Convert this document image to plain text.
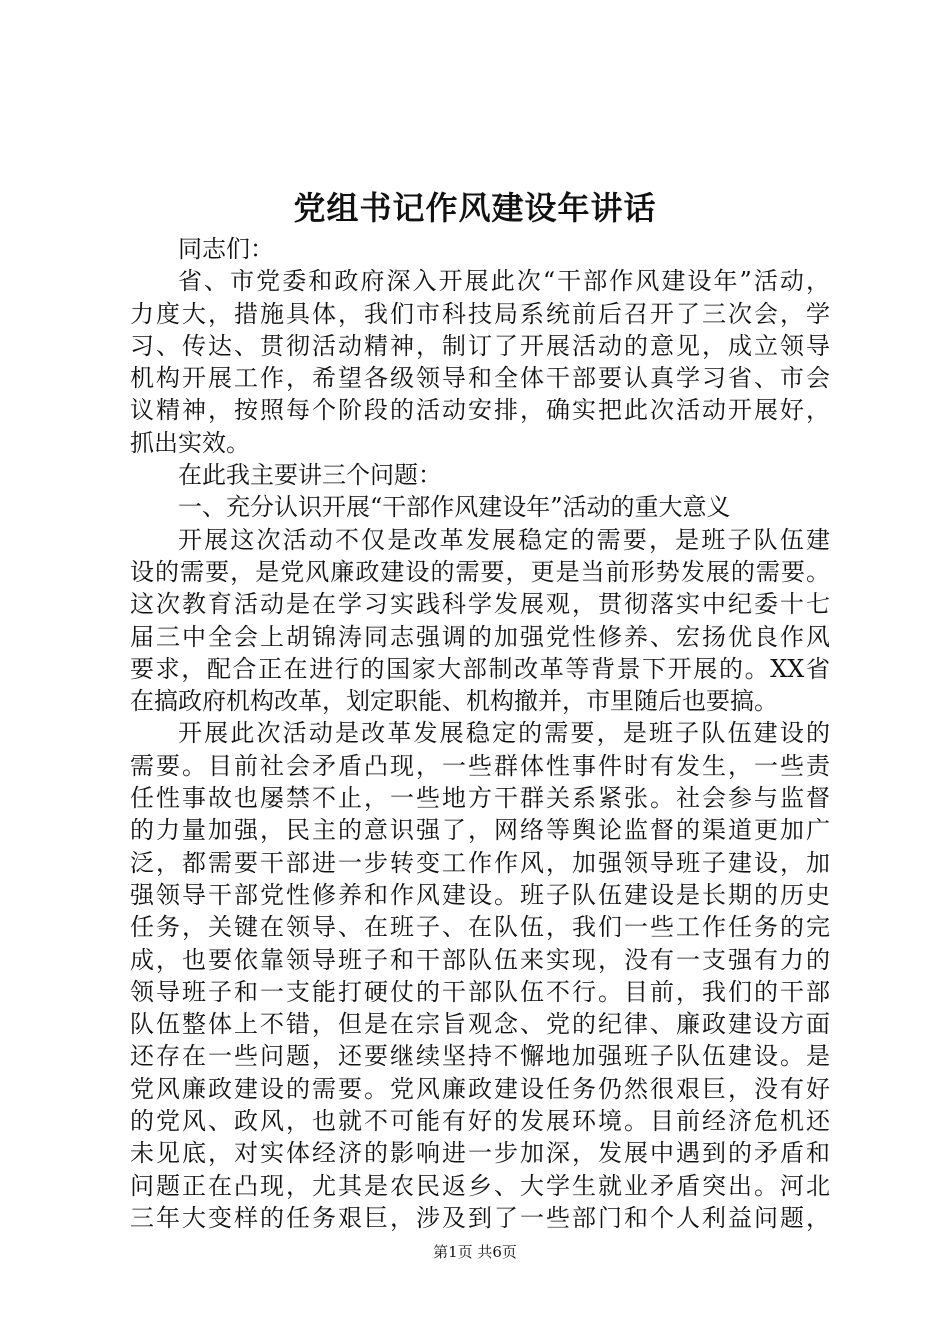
党组书记作风建设年讲话

同志们：

省、市党委和政府深入开展此次“干部作风建设年”活动，

力度大，措施具体，我们市科技局系统前后召开了三次会，学

习、传达、贯彻活动精神，制订了开展活动的意见，成立领导

机构开展工作，希望各级领导和全体干部要认真学习省、市会

议精神，按照每个阶段的活动安排，确实把此次活动开展好，

抓出实效。

在此我主要讲三个问题：

一、充分认识开展“干部作风建设年”活动的重大意义

开展这次活动不仅是改革发展稳定的需要，是班子队伍建

设的需要，是党风廉政建设的需要，更是当前形势发展的需要。

这次教育活动是在学习实践科学发展观，贯彻落实中纪委十七

届三中全会上胡锦涛同志强调的加强党性修养、宏扬优良作风

要求，配合正在进行的国家大部制改革等背景下开展的。XX省

在搞政府机构改革，划定职能、机构撤并，市里随后也要搞。

开展此次活动是改革发展稳定的需要，是班子队伍建设的

需要。目前社会矛盾凸现，一些群体性事件时有发生，一些责

任性事故也屡禁不止，一些地方干群关系紧张。社会参与监督

的力量加强，民主的意识强了，网络等舆论监督的渠道更加广

泛，都需要干部进一步转变工作作风，加强领导班子建设，加

强领导干部党性修养和作风建设。班子队伍建设是长期的历史

任务，关键在领导、在班子、在队伍，我们一些工作任务的完

成，也要依靠领导班子和干部队伍来实现，没有一支强有力的

领导班子和一支能打硬仗的干部队伍不行。目前，我们的干部

队伍整体上不错，但是在宗旨观念、党的纪律、廉政建设方面

还存在一些问题，还要继续坚持不懈地加强班子队伍建设。是

党风廉政建设的需要。党风廉政建设任务仍然很艰巨，没有好

的党风、政风，也就不可能有好的发展环境。目前经济危机还

未见底，对实体经济的影响进一步加深，发展中遇到的矛盾和

问题正在凸现，尤其是农民返乡、大学生就业矛盾突出。河北

三年大变样的任务艰巨，涉及到了一些部门和个人利益问题，

第1页 共6页
